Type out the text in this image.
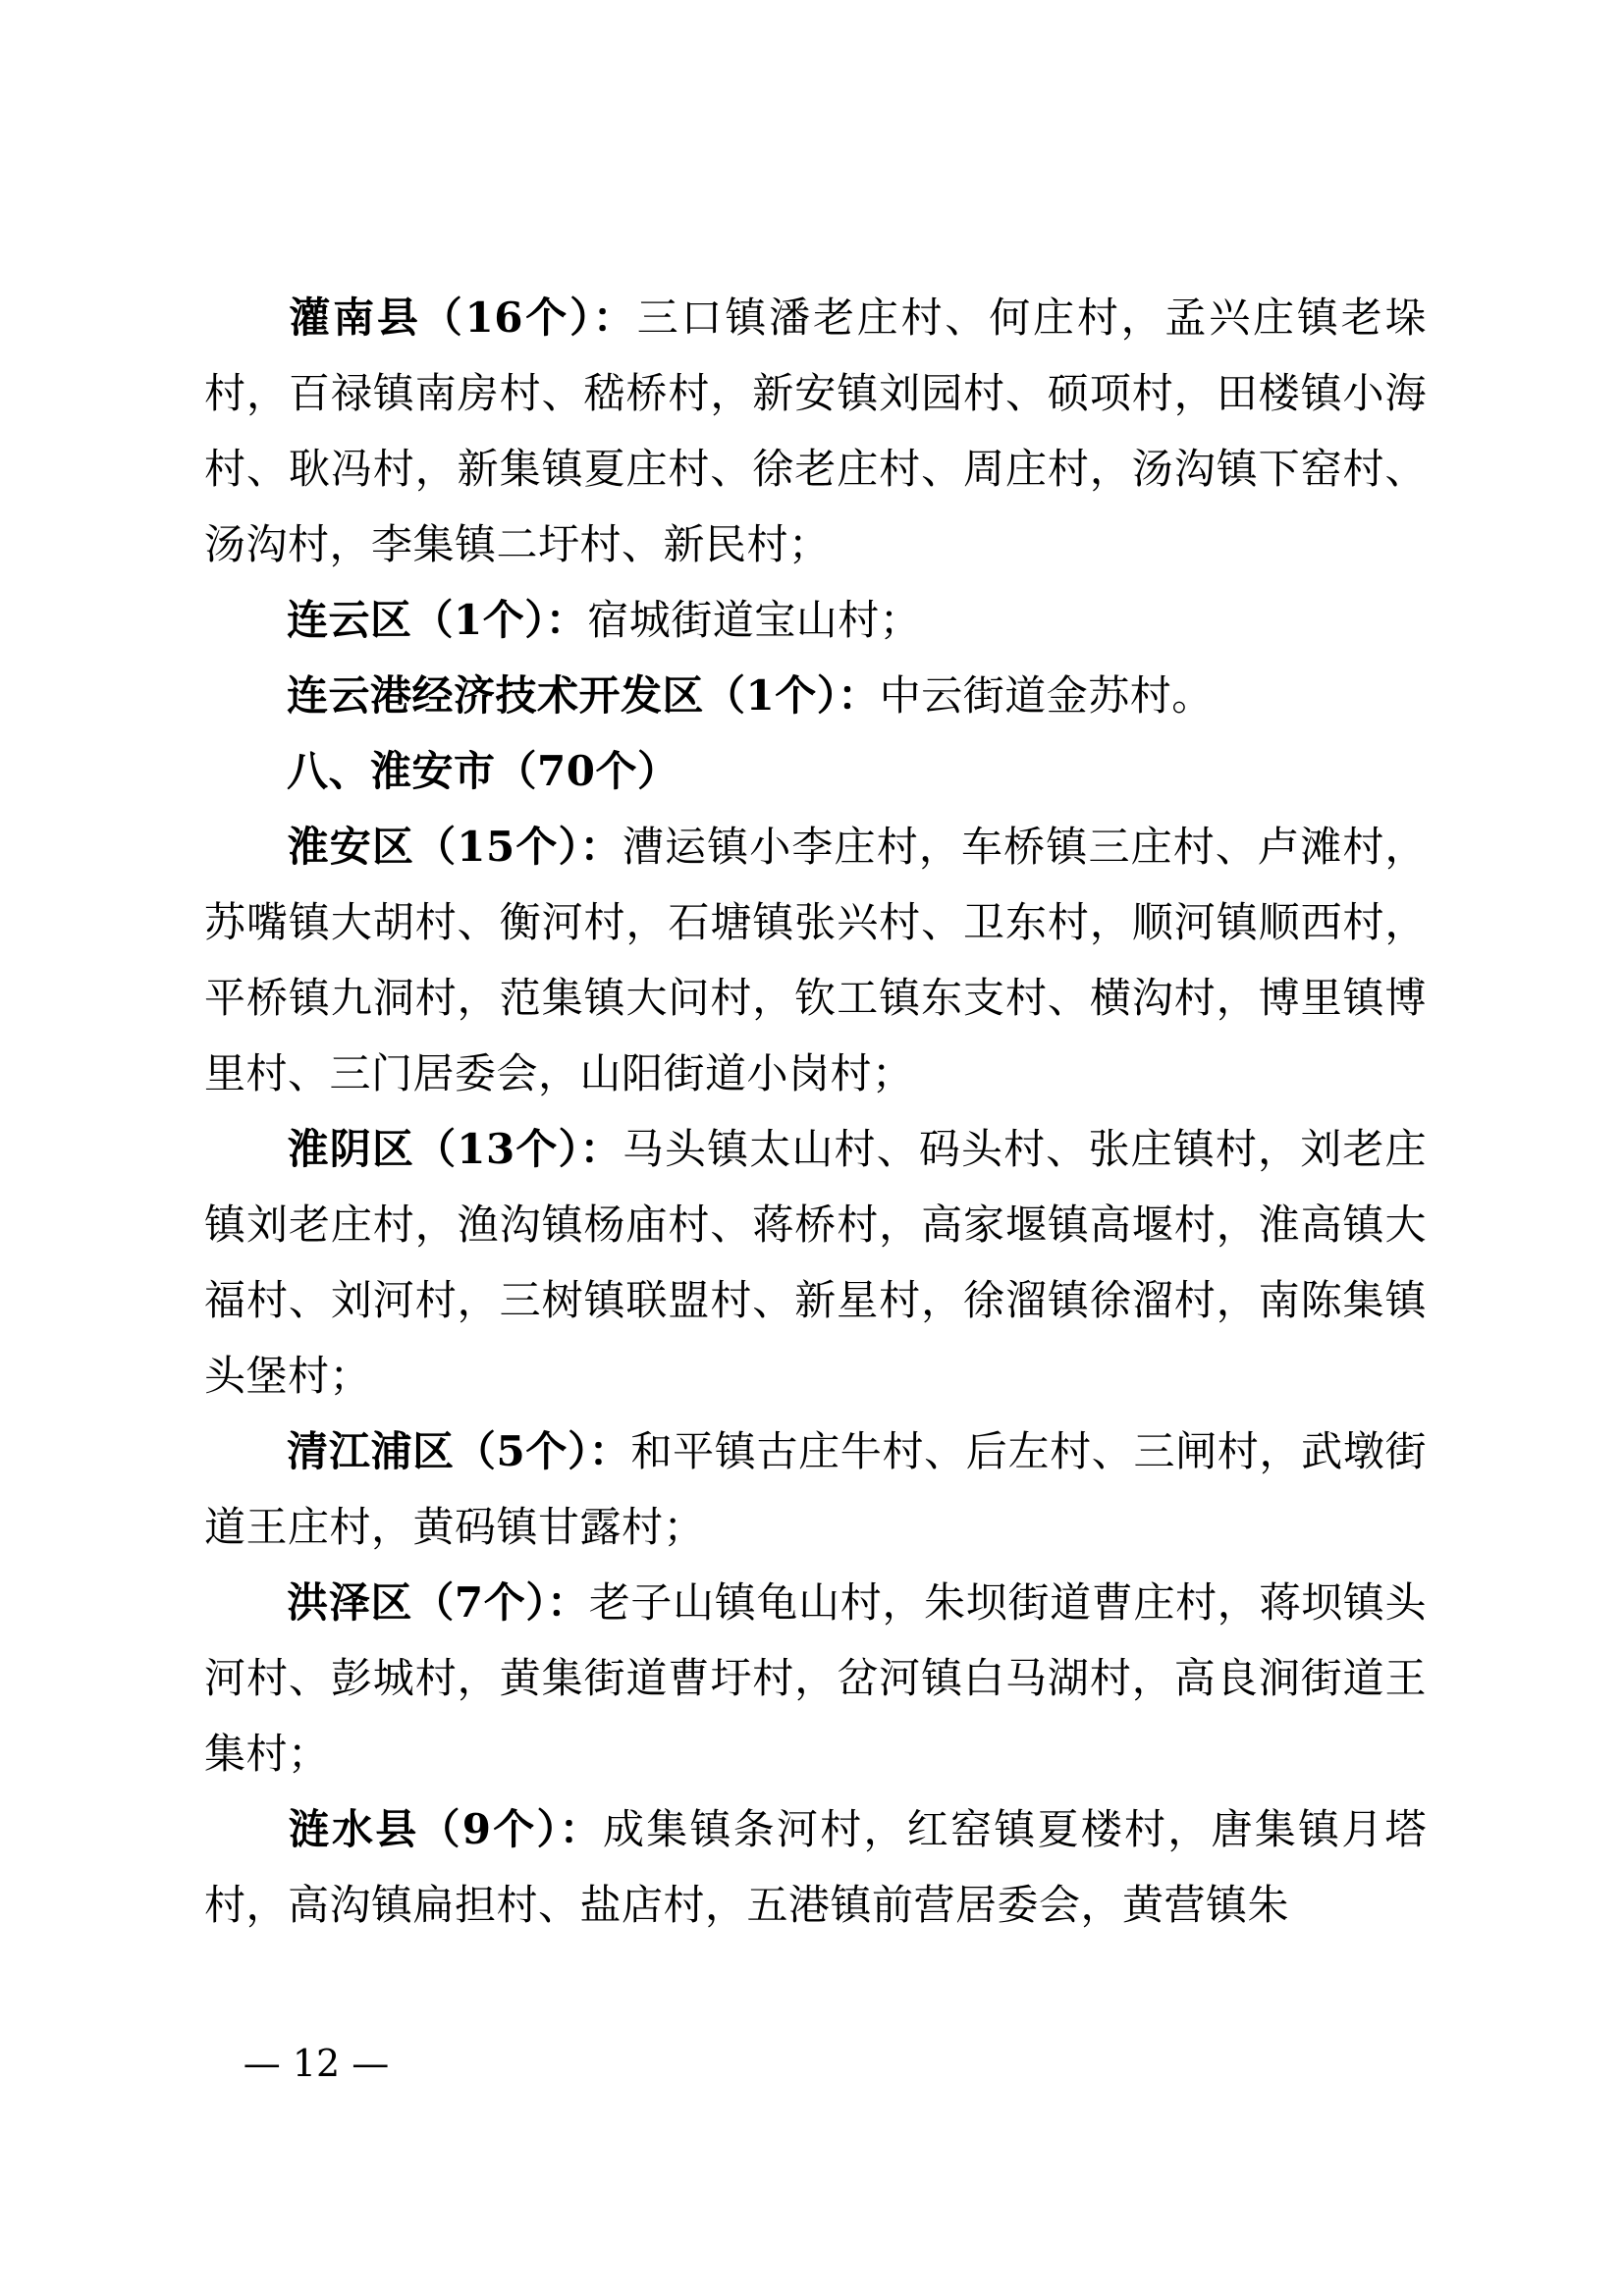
灌南县（16个）：三口镇潘老庄村、何庄村，孟兴庄镇老垛村，百禄镇南房村、嵇桥村，新安镇刘园村、硕项村，田楼镇小海村、耿冯村，新集镇夏庄村、徐老庄村、周庄村，汤沟镇下窑村、汤沟村，李集镇二圩村、新民村；

连云区（1个）：宿城街道宝山村；

连云港经济技术开发区（1个）：中云街道金苏村。

八、淮安市（70个）

淮安区（15个）：漕运镇小李庄村，车桥镇三庄村、卢滩村，苏嘴镇大胡村、衡河村，石塘镇张兴村、卫东村，顺河镇顺西村，平桥镇九洞村，范集镇大问村，钦工镇东支村、横沟村，博里镇博里村、三门居委会，山阳街道小岗村；

淮阴区（13个）：马头镇太山村、码头村、张庄镇村，刘老庄镇刘老庄村，渔沟镇杨庙村、蒋桥村，高家堰镇高堰村，淮高镇大福村、刘河村，三树镇联盟村、新星村，徐溜镇徐溜村，南陈集镇头堡村；

清江浦区（5个）：和平镇古庄牛村、后左村、三闸村，武墩街道王庄村，黄码镇甘露村；

洪泽区（7个）：老子山镇龟山村，朱坝街道曹庄村，蒋坝镇头河村、彭城村，黄集街道曹圩村，岔河镇白马湖村，高良涧街道王集村；

涟水县（9个）：成集镇条河村，红窑镇夏楼村，唐集镇月塔村，高沟镇扁担村、盐店村，五港镇前营居委会，黄营镇朱

— 12 —
